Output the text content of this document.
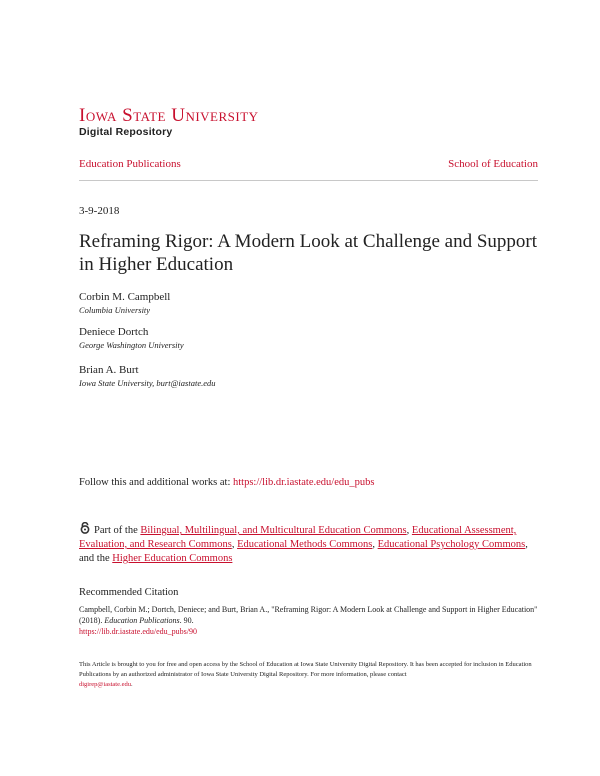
Iowa State University
Digital Repository
Education Publications	School of Education
3-9-2018
Reframing Rigor: A Modern Look at Challenge and Support in Higher Education
Corbin M. Campbell
Columbia University
Deniece Dortch
George Washington University
Brian A. Burt
Iowa State University, burt@iastate.edu
Follow this and additional works at: https://lib.dr.iastate.edu/edu_pubs
Part of the Bilingual, Multilingual, and Multicultural Education Commons, Educational Assessment, Evaluation, and Research Commons, Educational Methods Commons, Educational Psychology Commons, and the Higher Education Commons
Recommended Citation
Campbell, Corbin M.; Dortch, Deniece; and Burt, Brian A., "Reframing Rigor: A Modern Look at Challenge and Support in Higher Education" (2018). Education Publications. 90.
https://lib.dr.iastate.edu/edu_pubs/90
This Article is brought to you for free and open access by the School of Education at Iowa State University Digital Repository. It has been accepted for inclusion in Education Publications by an authorized administrator of Iowa State University Digital Repository. For more information, please contact
digirep@iastate.edu.
